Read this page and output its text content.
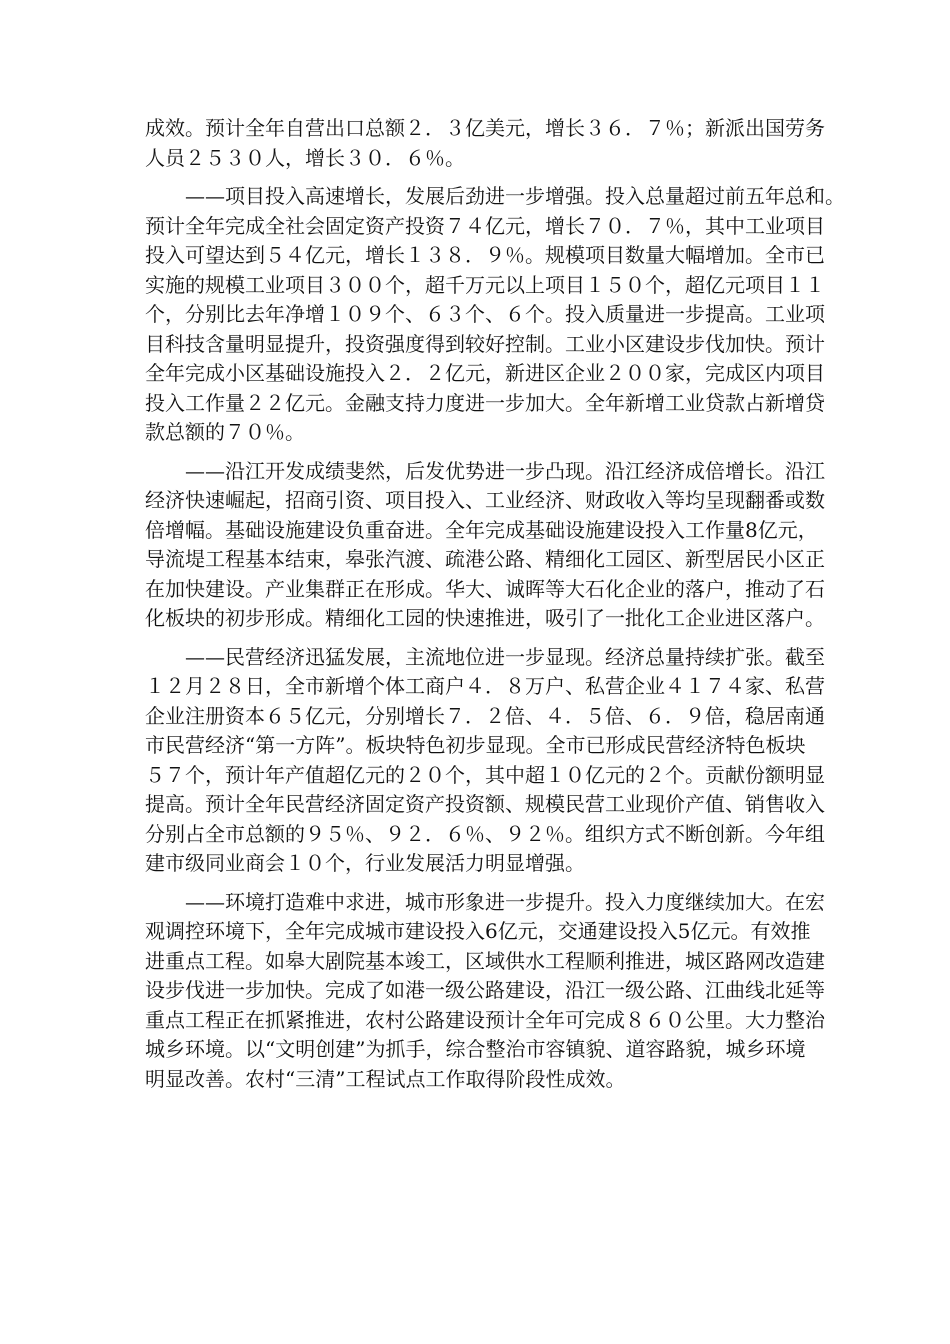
成效。预计全年自营出口总额２．３亿美元，增长３６．７％；新派出国劳务
人员２５３０人，增长３０．６％。
——项目投入高速增长，发展后劲进一步增强。投入总量超过前五年总和。
预计全年完成全社会固定资产投资７４亿元，增长７０．７％，其中工业项目
投入可望达到５４亿元，增长１３８．９％。规模项目数量大幅增加。全市已
实施的规模工业项目３００个，超千万元以上项目１５０个，超亿元项目１１
个，分别比去年净增１０９个、６３个、６个。投入质量进一步提高。工业项
目科技含量明显提升，投资强度得到较好控制。工业小区建设步伐加快。预计
全年完成小区基础设施投入２．２亿元，新进区企业２００家，完成区内项目
投入工作量２２亿元。金融支持力度进一步加大。全年新增工业贷款占新增贷
款总额的７０％。
——沿江开发成绩斐然，后发优势进一步凸现。沿江经济成倍增长。沿江
经济快速崛起，招商引资、项目投入、工业经济、财政收入等均呈现翻番或数
倍增幅。基础设施建设负重奋进。全年完成基础设施建设投入工作量8亿元，
导流堤工程基本结束，皋张汽渡、疏港公路、精细化工园区、新型居民小区正
在加快建设。产业集群正在形成。华大、诚晖等大石化企业的落户，推动了石
化板块的初步形成。精细化工园的快速推进，吸引了一批化工企业进区落户。
——民营经济迅猛发展，主流地位进一步显现。经济总量持续扩张。截至
１２月２８日，全市新增个体工商户４．８万户、私营企业４１７４家、私营
企业注册资本６５亿元，分别增长７．２倍、４．５倍、６．９倍，稳居南通
市民营经济“第一方阵”。板块特色初步显现。全市已形成民营经济特色板块
５７个，预计年产值超亿元的２０个，其中超１０亿元的２个。贡献份额明显
提高。预计全年民营经济固定资产投资额、规模民营工业现价产值、销售收入
分别占全市总额的９５％、９２．６％、９２％。组织方式不断创新。今年组
建市级同业商会１０个，行业发展活力明显增强。
——环境打造难中求进，城市形象进一步提升。投入力度继续加大。在宏
观调控环境下，全年完成城市建设投入6亿元，交通建设投入5亿元。有效推
进重点工程。如皋大剧院基本竣工，区域供水工程顺利推进，城区路网改造建
设步伐进一步加快。完成了如港一级公路建设，沿江一级公路、江曲线北延等
重点工程正在抓紧推进，农村公路建设预计全年可完成８６０公里。大力整治
城乡环境。以“文明创建”为抓手，综合整治市容镇貌、道容路貌，城乡环境
明显改善。农村“三清”工程试点工作取得阶段性成效。
